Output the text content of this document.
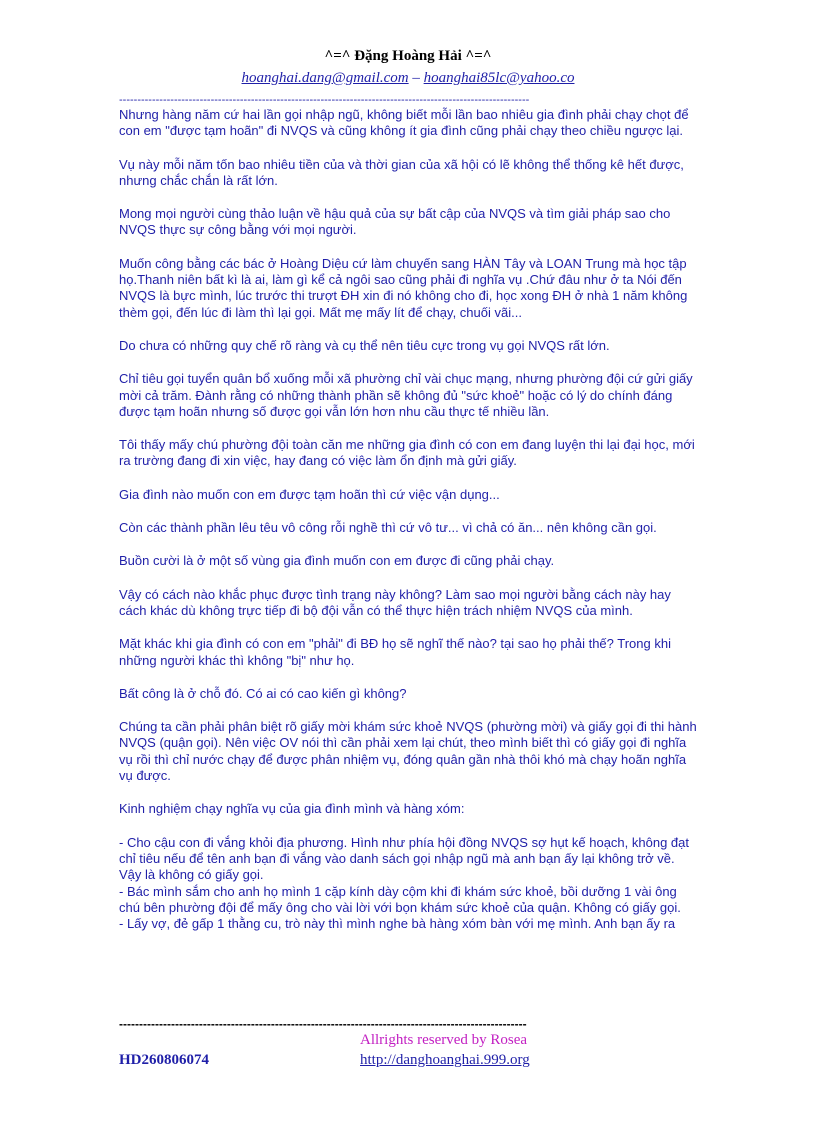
^=^ Đặng Hoàng Hải ^=^
hoanghai.dang@gmail.com – hoanghai85lc@yahoo.co
----------------------------------------------------------------------------------------------------------------

Nhưng hàng năm cứ hai lần gọi nhập ngũ, không biết mỗi lần bao nhiêu gia đình phải chạy chọt để con em "được tạm hoãn" đi NVQS và cũng không ít gia đình cũng phải chạy theo chiều ngược lại.

Vụ này mỗi năm tốn bao nhiêu tiền của và thời gian của xã hội có lẽ không thể thống kê hết được, nhưng chắc chắn là rất lớn.

Mong mọi người cùng thảo luận về hậu quả của sự bất cập của NVQS và tìm giải pháp sao cho NVQS thực sự công bằng với mọi người.

Muốn công bằng các bác ở Hoàng Diệu cứ làm chuyến sang HÀN Tây và LOAN Trung mà học tập họ.Thanh niên bất kì là ai, làm gì kể cả ngôi sao cũng phải đi nghĩa vụ .Chứ đâu như ở ta Nói đến NVQS là bực mình, lúc trước thi trượt ĐH xin đi nó không cho đi, học xong ĐH ở nhà 1 năm không thèm gọi, đến lúc đi làm thì lại gọi. Mất mẹ mấy lít để chạy, chuối vãi...

Do chưa có những quy chế rõ ràng và cụ thể nên tiêu cực trong vụ gọi NVQS rất lớn.

Chỉ tiêu gọi tuyển quân bổ xuống mỗi xã phường chỉ vài chục mạng, nhưng phường đội cứ gửi giấy mời cả trăm. Đành rằng có những thành phần sẽ không đủ "sức khoẻ" hoặc có lý do chính đáng được tạm hoãn nhưng số được gọi vẫn lớn hơn nhu cầu thực tế nhiều lần.

Tôi thấy mấy chú phường đội toàn căn me những gia đình có con em đang luyện thi lại đại học, mới ra trường đang đi xin việc, hay đang có việc làm ổn định mà gửi giấy.

Gia đình nào muốn con em được tạm hoãn thì cứ việc vận dụng...

Còn các thành phần lêu têu vô công rỗi nghề thì cứ vô tư... vì chả có ăn... nên không cần gọi.

Buồn cười là ở một số vùng gia đình muốn con em được đi cũng phải chạy.

Vậy có cách nào khắc phục được tình trạng này không? Làm sao mọi người bằng cách này hay cách khác dù không trực tiếp đi bộ đội vẫn có thể thực hiện trách nhiệm NVQS của mình.

Mặt khác khi gia đình có con em "phải" đi BĐ họ sẽ nghĩ thế nào? tại sao họ phải thế? Trong khi những người khác thì không "bị" như họ.

Bất công là ở chỗ đó. Có ai có cao kiến gì không?

Chúng ta cần phải phân biệt rõ giấy mời khám sức khoẻ NVQS (phường mời) và giấy gọi đi thi hành NVQS (quận gọi). Nên việc OV nói thì cần phải xem lại chút, theo mình biết thì có giấy gọi đi nghĩa vụ rồi thì chỉ nước chạy để được phân nhiệm vụ, đóng quân gần nhà thôi khó mà chạy hoãn nghĩa vụ được.

Kinh nghiệm chạy nghĩa vụ của gia đình mình và hàng xóm:

- Cho cậu con đi vắng khỏi địa phương. Hình như phía hội đồng NVQS sợ hụt kế hoạch, không đạt chỉ tiêu nếu để tên anh bạn đi vắng vào danh sách gọi nhập ngũ mà anh bạn ấy lại không trở về. Vậy là không có giấy gọi.

- Bác mình sắm cho anh họ mình 1 cặp kính dày cộm khi đi khám sức khoẻ, bồi dưỡng 1 vài ông chú bên phường đội để mấy ông cho vài lời với bọn khám sức khoẻ của quận. Không có giấy gọi.

- Lấy vợ, đẻ gấp 1 thằng cu, trò này thì mình nghe bà hàng xóm bàn với mẹ mình. Anh bạn ấy ra

------------------------------------------------------------------------------------------------------
Allrights reserved by Rosea
HD260806074	http://danghoanghai.999.org
